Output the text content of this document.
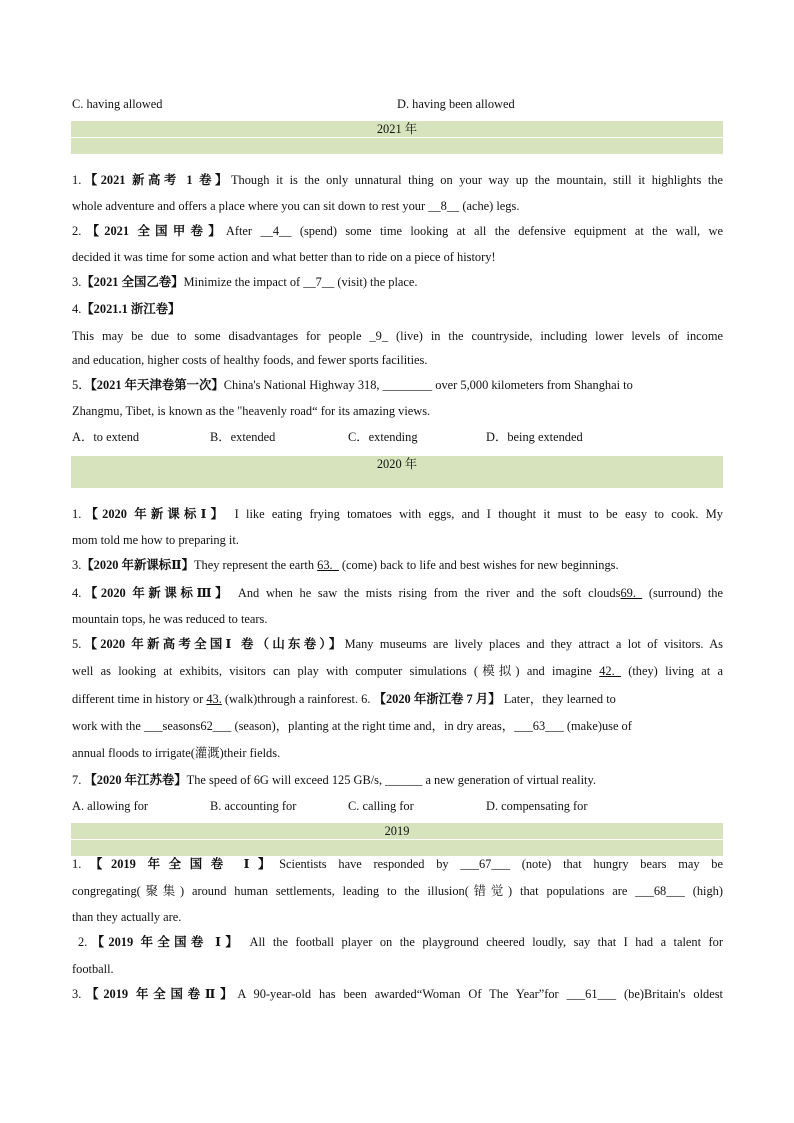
C. having allowed	D. having been allowed
2021 年
1.【2021 新高考 1 卷】Though it is the only unnatural thing on your way up the mountain, still it highlights the
whole adventure and offers a place where you can sit down to rest your __8__ (ache) legs.
2.【2021 全国甲卷】After __4__ (spend) some time looking at all the defensive equipment at the wall, we
decided it was time for some action and what better than to ride on a piece of history!
3.【2021 全国乙卷】Minimize the impact of __7__ (visit) the place.
4.【2021.1 浙江卷】
This may be due to some disadvantages for people _9_ (live) in the countryside, including lower levels of income
and education, higher costs of healthy foods, and fewer sports facilities.
5．【2021 年天津卷第一次】China's National Highway 318, ________ over 5,000 kilometers from Shanghai to
Zhangmu, Tibet, is known as the "heavenly road“ for its amazing views.
A．to extend	B．extended	C．extending	D．being extended
2020 年
1.【2020 年新课标Ⅰ】 I like eating frying tomatoes with eggs, and I thought it must to be easy to cook. My
mom told me how to preparing it.
3.【2020 年新课标Ⅱ】They represent the earth 63._ (come) back to life and best wishes for new beginnings.
4.【2020 年新课标Ⅲ】 And when he saw the mists rising from the river and the soft clouds69._ (surround) the
mountain tops, he was reduced to tears.
5.【2020 年新高考全国Ⅰ 卷（山东卷）】Many museums are lively places and they attract a lot of visitors. As
well as looking at exhibits, visitors can play with computer simulations (模拟) and imagine 42._ (they) living at a
different time in history or 43. (walk)through a rainforest. 6. 【2020 年浙江卷 7 月】 Later，they learned to
work with the ___seasons62___ (season)，planting at the right time and，in dry areas，___63___ (make)use of
annual floods to irrigate(灌溉)their fields.
7. 【2020 年江苏卷】The speed of 6G will exceed 125 GB/s, ______ a new generation of virtual reality.
A. allowing for	B. accounting for	C. calling for	D. compensating for
2019
1.【2019 年全国卷 Ⅰ】Scientists have responded by ___67___ (note) that hungry bears may be
congregating(聚集) around human settlements, leading to the illusion(错觉) that populations are ___68___ (high)
than they actually are.
2.【2019 年全国卷 Ⅰ】 All the football player on the playground cheered loudly, say that I had a talent for
football.
3.【2019 年全国卷Ⅱ】A 90-year-old has been awarded“Woman Of The Year”for ___61___ (be)Britain's oldest
